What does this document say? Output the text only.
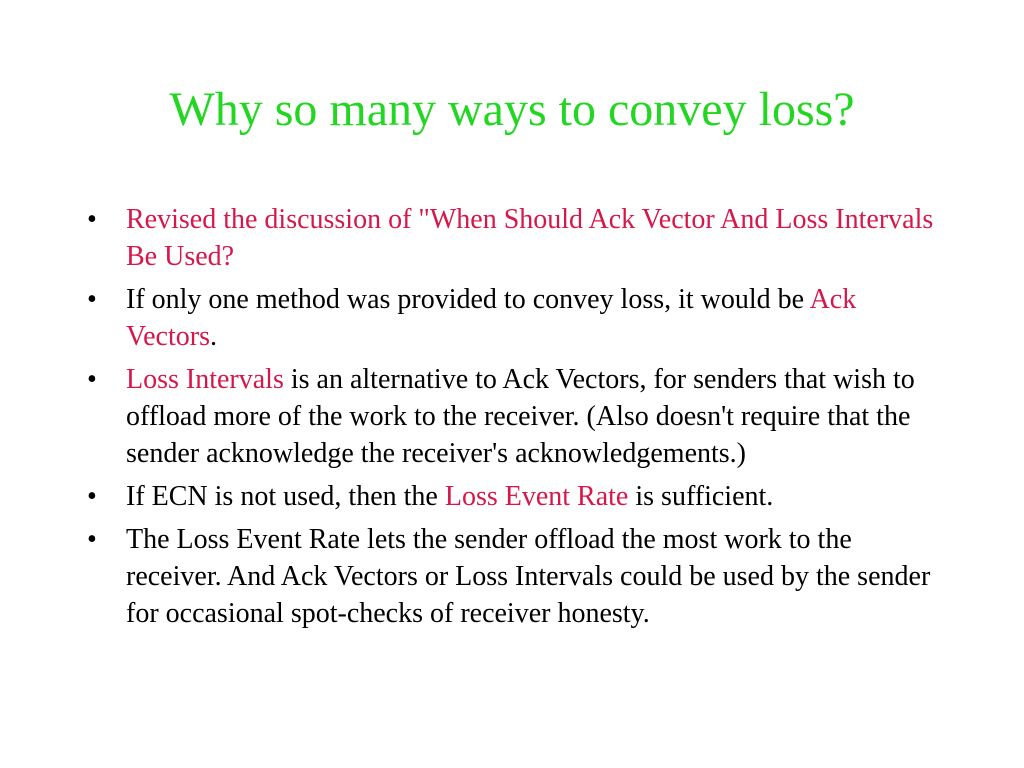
Why so many ways to convey loss?
•	Revised the discussion of "When Should Ack Vector And Loss Intervals Be Used?
•	If only one method was provided to convey loss, it would be Ack Vectors.
•	Loss Intervals is an alternative to Ack Vectors, for senders that wish to offload more of the work to the receiver. (Also doesn't require that the sender acknowledge the receiver's acknowledgements.)
•	If ECN is not used, then the Loss Event Rate is sufficient.
•	The Loss Event Rate lets the sender offload the most work to the receiver. And Ack Vectors or Loss Intervals could be used by the sender for occasional spot-checks of receiver honesty.
